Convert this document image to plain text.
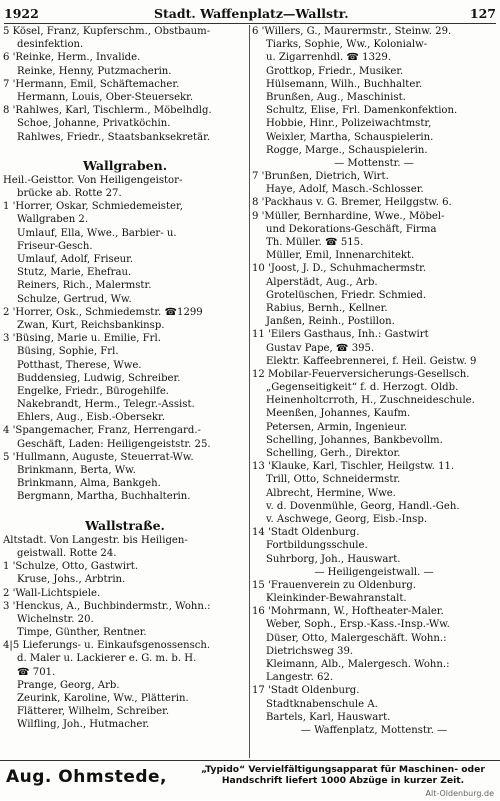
1922	Stadt. Waffenplatz—Wallstr.	127
5 Kösel, Franz, Kupferschm., Obstbaum-
desinfektion.
6 'Reinke, Herm., Invalide.
Reinke, Henny, Putzmacherin.
7 'Hermann, Emil, Schäftemacher.
Hermann, Louis, Ober-Steuersekr.
8 'Rahlwes, Karl, Tischlerm., Möbelhdlg.
Schoe, Johanne, Privatköchin.
Rahlwes, Friedr., Staatsbanksekretär.
Wallgraben.
Heil.-Geisttor. Von Heiligengeistor-
brücke ab. Rotte 27.
1 'Horrer, Oskar, Schmiedemeister,
Wallgraben 2.
Umlauf, Ella, Wwe., Barbier- u.
Friseur-Gesch.
Umlauf, Adolf, Friseur.
Stutz, Marie, Ehefrau.
Reiners, Rich., Malermstr.
Schulze, Gertrud, Ww.
2 'Horrer, Osk., Schmiedemstr. ☎1299
Zwan, Kurt, Reichsbankinsp.
3 'Büsing, Marie u. Emilie, Frl.
Büsing, Sophie, Frl.
Potthast, Therese, Wwe.
Buddensieg, Ludwig, Schreiber.
Engelke, Friedr., Bürogehilfe.
Nakebrandt, Herm., Telegr.-Assist.
Ehlers, Aug., Eisb.-Obersekr.
4 'Spangemacher, Franz, Herrengard.-
Geschäft, Laden: Heiligengeiststr. 25.
5 'Hullmann, Auguste, Steuerrat-Ww.
Brinkmann, Berta, Ww.
Brinkmann, Alma, Bankgeh.
Bergmann, Martha, Buchhalterin.
Wallstraße.
Altstadt. Von Langestr. bis Heiligen-
geistwall. Rotte 24.
1 'Schulze, Otto, Gastwirt.
Kruse, Johs., Arbtrin.
2 'Wall-Lichtspiele.
3 'Henckus, A., Buchbindermstr., Wohn.:
Wichelnstr. 20.
Timpe, Günther, Rentner.
4|5 Lieferungs- u. Einkaufsgenossensch.
d. Maler u. Lackierer e. G. m. b. H.
☎ 701.
Prange, Georg, Arb.
Zeurink, Karoline, Ww., Plätterin.
Flätterer, Wilhelm, Schreiber.
Wilfling, Joh., Hutmacher.
6 'Willers, G., Maurermstr., Steinw. 29.
Tiarks, Sophie, Ww., Kolonialw-
u. Zigarrenhdl. ☎ 1329.
Grottkop, Friedr., Musiker.
Hülsemann, Wilh., Buchhalter.
Brunßen, Aug., Maschinist.
Schultz, Elise, Frl. Damenkonfektion.
Hobbie, Hinr., Polizeiwachtmstr,
Weixler, Martha, Schauspielerin.
Rogge, Marge., Schauspielerin.
— Mottenstr. —
7 'Brunßen, Dietrich, Wirt.
Haye, Adolf, Masch.-Schlosser.
8 'Packhaus v. G. Bremer, Heilggstw. 6.
9 'Müller, Bernhardine, Wwe., Möbel-
und Dekorations-Geschäft, Firma
Th. Müller. ☎ 515.
Müller, Emil, Innenarchitekt.
10 'Joost, J. D., Schuhmachermstr.
Alperstädt, Aug., Arb.
Grotelüschen, Friedr. Schmied.
Rabius, Bernh., Kellner.
Janßen, Reinh., Postillon.
11 'Eilers Gasthaus, Inh.: Gastwirt
Gustav Pape, ☎ 395.
Elektr. Kaffeebrennerei, f. Heil. Geistw. 9
12 Mobilar-Feuerversicherungs-Gesellsch.
„Gegenseitigkeit“ f. d. Herzogt. Oldb.
Heinenholtcrroth, H., Zuschneideschule.
Meenßen, Johannes, Kaufm.
Petersen, Armin, Ingenieur.
Schelling, Johannes, Bankbevollm.
Schelling, Gerh., Direktor.
13 'Klauke, Karl, Tischler, Heilgstw. 11.
Trill, Otto, Schneidermstr.
Albrecht, Hermine, Wwe.
v. d. Dovenmühle, Georg, Handl.-Geh.
v. Aschwege, Georg, Eisb.-Insp.
14 'Stadt Oldenburg.
Fortbildungsschule.
Suhrborg, Joh., Hauswart.
— Heiligengeistwall. —
15 'Frauenverein zu Oldenburg.
Kleinkinder-Bewahranstalt.
16 'Mohrmann, W., Hoftheater-Maler.
Weber, Soph., Ersp.-Kass.-Insp.-Ww.
Düser, Otto, Malergeschäft. Wohn.:
Dietrichsweg 39.
Kleimann, Alb., Malergesch. Wohn.:
Langestr. 62.
17 'Stadt Oldenburg.
Stadtknabenschule A.
Bartels, Karl, Hauswart.
— Waffenplatz, Mottenstr. —
Aug. Ohmstede,	„Typido“ Vervielfältigungsapparat für Maschinen- oder Handschrift liefert 1000 Abzüge in kurzer Zeit.
Alt-Oldenburg.de
